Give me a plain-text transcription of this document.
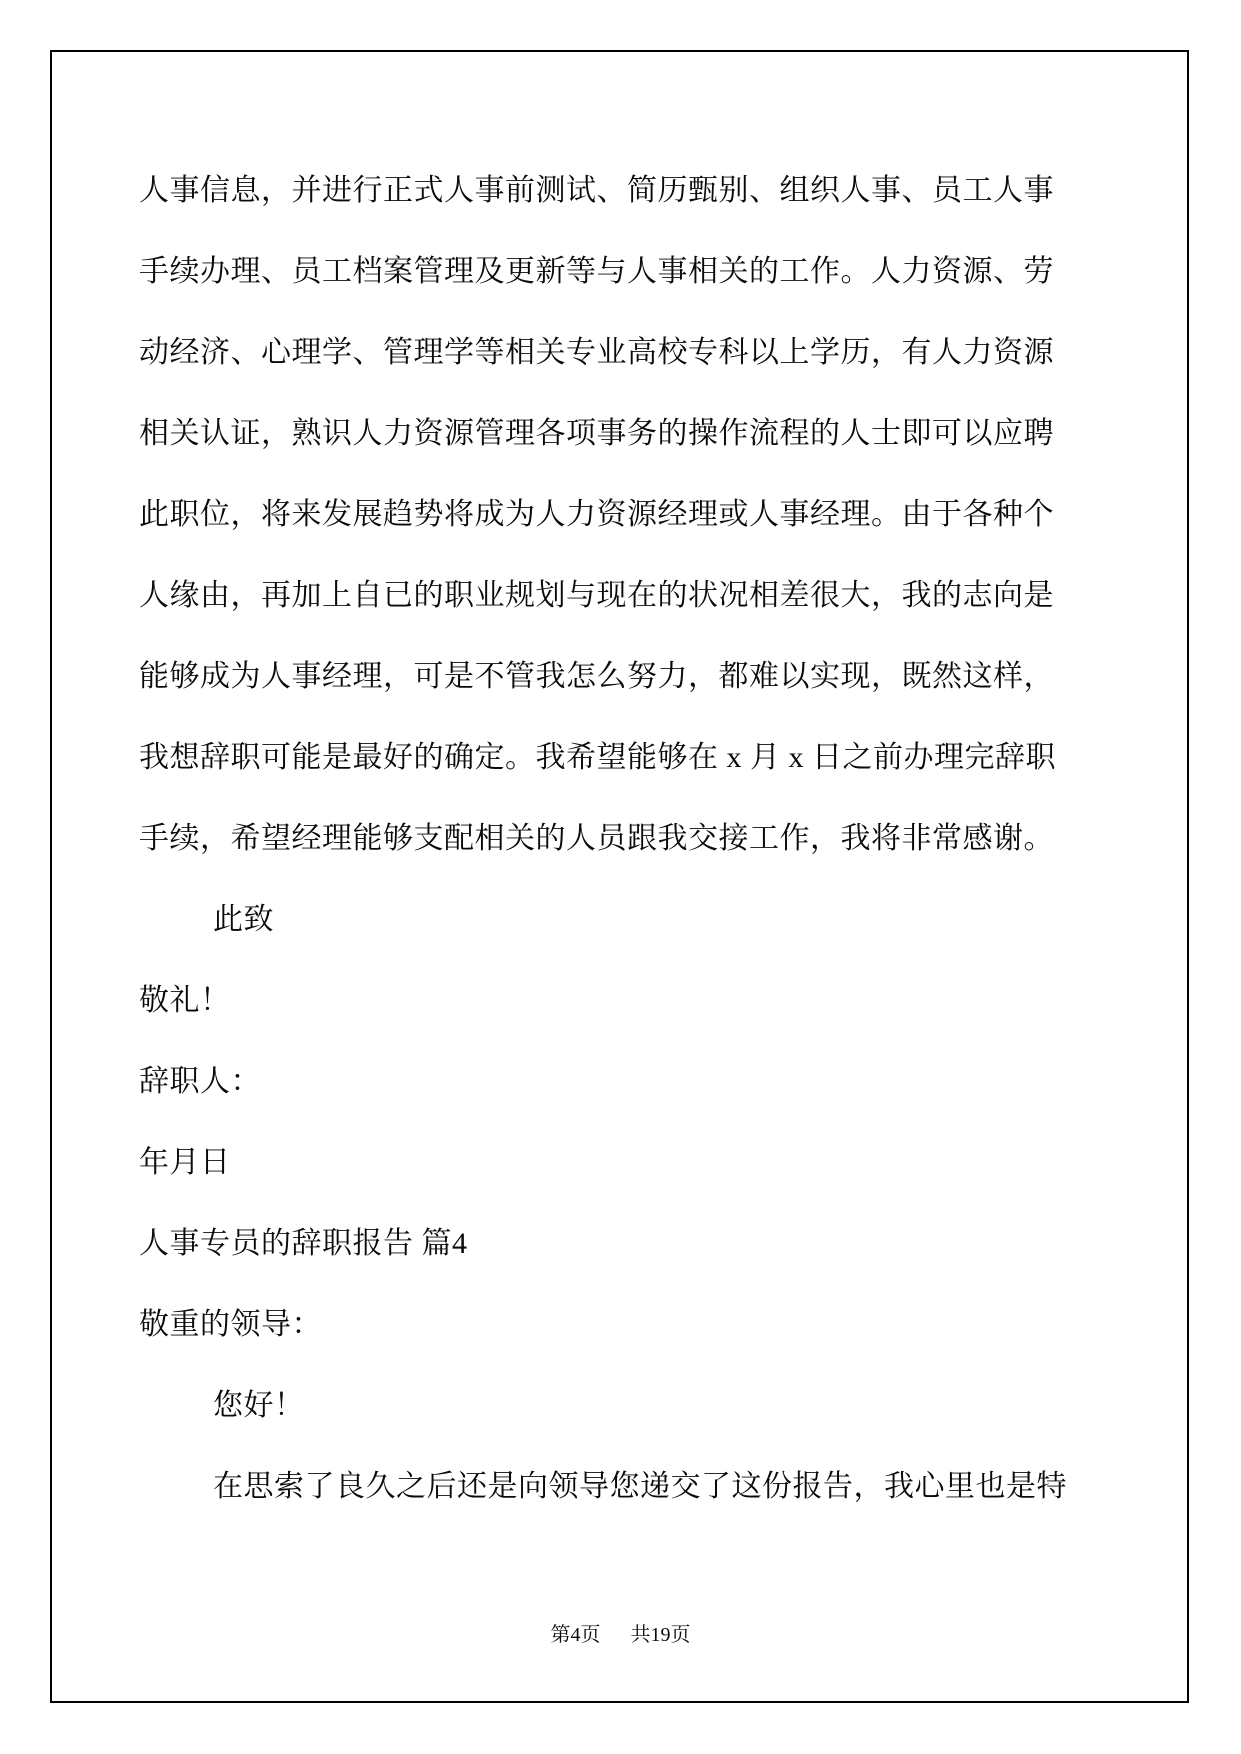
人事信息，并进行正式人事前测试、简历甄别、组织人事、员工人事
手续办理、员工档案管理及更新等与人事相关的工作。人力资源、劳
动经济、心理学、管理学等相关专业高校专科以上学历，有人力资源
相关认证，熟识人力资源管理各项事务的操作流程的人士即可以应聘
此职位，将来发展趋势将成为人力资源经理或人事经理。由于各种个
人缘由，再加上自已的职业规划与现在的状况相差很大，我的志向是
能够成为人事经理，可是不管我怎么努力，都难以实现，既然这样，
我想辞职可能是最好的确定。我希望能够在 x 月 x 日之前办理完辞职
手续，希望经理能够支配相关的人员跟我交接工作，我将非常感谢。
此致
敬礼！
辞职人：
年月日
人事专员的辞职报告 篇4
敬重的领导：
您好！
在思索了良久之后还是向领导您递交了这份报告，我心里也是特
第4页 共19页
